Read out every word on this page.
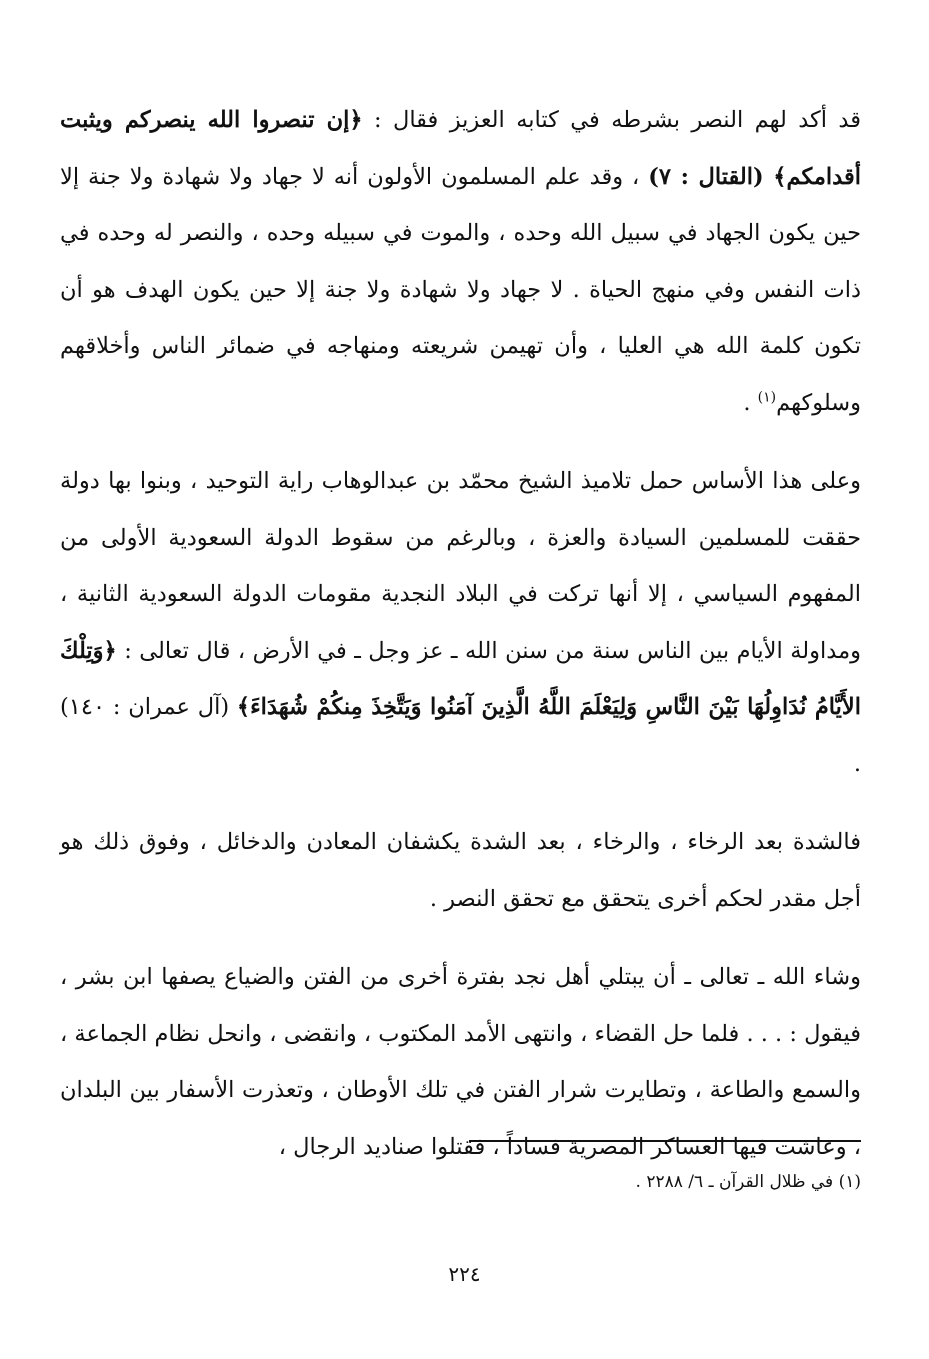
قد أكد لهم النصر بشرطه في كتابه العزيز فقال : ﴿إن تنصروا الله ينصركم ويثبت أقدامكم﴾ (القتال : ٧) ، وقد علم المسلمون الأولون أنه لا جهاد ولا شهادة ولا جنة إلا حين يكون الجهاد في سبيل الله وحده ، والموت في سبيله وحده ، والنصر له وحده في ذات النفس وفي منهج الحياة . لا جهاد ولا شهادة ولا جنة إلا حين يكون الهدف هو أن تكون كلمة الله هي العليا ، وأن تهيمن شريعته ومنهاجه في ضمائر الناس وأخلاقهم وسلوكهم$^{(١)}$ .

وعلى هذا الأساس حمل تلاميذ الشيخ محمّد بن عبدالوهاب راية التوحيد ، وبنوا بها دولة حققت للمسلمين السيادة والعزة ، وبالرغم من سقوط الدولة السعودية الأولى من المفهوم السياسي ، إلا أنها تركت في البلاد النجدية مقومات الدولة السعودية الثانية ، ومداولة الأيام بين الناس سنة من سنن الله ـ عز وجل ـ في الأرض ، قال تعالى : ﴿وَتِلْكَ الأَيَّامُ نُدَاوِلُهَا بَيْنَ النَّاسِ وَلِيَعْلَمَ اللَّهُ الَّذِينَ آمَنُوا وَيَتَّخِذَ مِنكُمْ شُهَدَاءَ﴾ (آل عمران : ١٤٠) .

فالشدة بعد الرخاء ، والرخاء ، بعد الشدة يكشفان المعادن والدخائل ، وفوق ذلك هو أجل مقدر لحكم أخرى يتحقق مع تحقق النصر .

وشاء الله ـ تعالى ـ أن يبتلي أهل نجد بفترة أخرى من الفتن والضياع يصفها ابن بشر ، فيقول : . . . فلما حل القضاء ، وانتهى الأمد المكتوب ، وانقضى ، وانحل نظام الجماعة ، والسمع والطاعة ، وتطايرت شرار الفتن في تلك الأوطان ، وتعذرت الأسفار بين البلدان ، وعاشت فيها العساكر المصرية فساداً ، فقتلوا صناديد الرجال ،

(١) في ظلال القرآن ـ ٦/ ٢٢٨٨ .
٢٢٤
